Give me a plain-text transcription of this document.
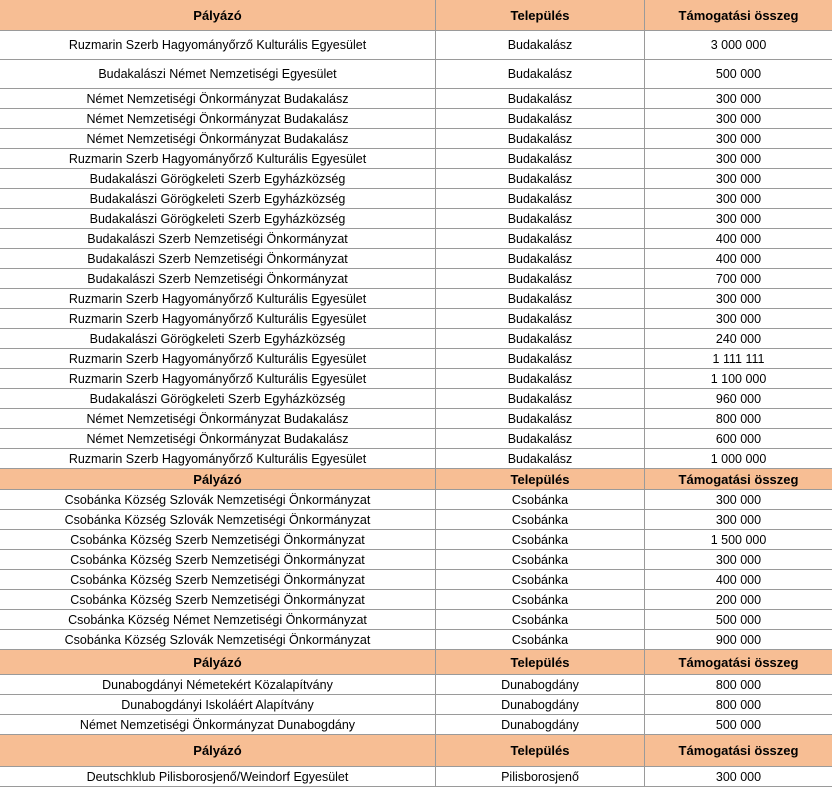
Pályázó	Település	Támogatási összeg
Ruzmarin Szerb Hagyományőrző Kulturális Egyesület	Budakalász	3 000 000
Budakalászi Német Nemzetiségi Egyesület	Budakalász	500 000
Német Nemzetiségi Önkormányzat Budakalász	Budakalász	300 000
Német Nemzetiségi Önkormányzat Budakalász	Budakalász	300 000
Német Nemzetiségi Önkormányzat Budakalász	Budakalász	300 000
Ruzmarin Szerb Hagyományőrző Kulturális Egyesület	Budakalász	300 000
Budakalászi Görögkeleti Szerb Egyházközség	Budakalász	300 000
Budakalászi Görögkeleti Szerb Egyházközség	Budakalász	300 000
Budakalászi Görögkeleti Szerb Egyházközség	Budakalász	300 000
Budakalászi Szerb Nemzetiségi Önkormányzat	Budakalász	400 000
Budakalászi Szerb Nemzetiségi Önkormányzat	Budakalász	400 000
Budakalászi Szerb Nemzetiségi Önkormányzat	Budakalász	700 000
Ruzmarin Szerb Hagyományőrző Kulturális Egyesület	Budakalász	300 000
Ruzmarin Szerb Hagyományőrző Kulturális Egyesület	Budakalász	300 000
Budakalászi Görögkeleti Szerb Egyházközség	Budakalász	240 000
Ruzmarin Szerb Hagyományőrző Kulturális Egyesület	Budakalász	1 111 111
Ruzmarin Szerb Hagyományőrző Kulturális Egyesület	Budakalász	1 100 000
Budakalászi Görögkeleti Szerb Egyházközség	Budakalász	960 000
Német Nemzetiségi Önkormányzat Budakalász	Budakalász	800 000
Német Nemzetiségi Önkormányzat Budakalász	Budakalász	600 000
Ruzmarin Szerb Hagyományőrző Kulturális Egyesület	Budakalász	1 000 000
Pályázó	Település	Támogatási összeg
Csobánka Község Szlovák Nemzetiségi Önkormányzat	Csobánka	300 000
Csobánka Község Szlovák Nemzetiségi Önkormányzat	Csobánka	300 000
Csobánka Község Szerb Nemzetiségi Önkormányzat	Csobánka	1 500 000
Csobánka Község Szerb Nemzetiségi Önkormányzat	Csobánka	300 000
Csobánka Község Szerb Nemzetiségi Önkormányzat	Csobánka	400 000
Csobánka Község Szerb Nemzetiségi Önkormányzat	Csobánka	200 000
Csobánka Község Német Nemzetiségi Önkormányzat	Csobánka	500 000
Csobánka Község Szlovák Nemzetiségi Önkormányzat	Csobánka	900 000
Pályázó	Település	Támogatási összeg
Dunabogdányi Németekért Közalapítvány	Dunabogdány	800 000
Dunabogdányi Iskoláért Alapítvány	Dunabogdány	800 000
Német Nemzetiségi Önkormányzat Dunabogdány	Dunabogdány	500 000
Pályázó	Település	Támogatási összeg
Deutschklub Pilisborosjenő/Weindorf Egyesület	Pilisborosjenő	300 000
